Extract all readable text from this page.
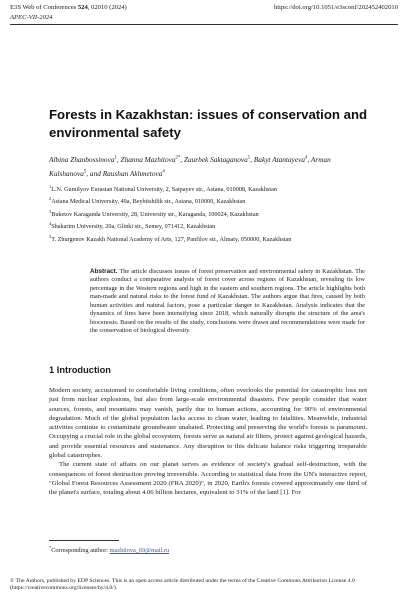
E3S Web of Conferences 524, 02010 (2024)	https://doi.org/10.1051/e3sconf/202452402010
APEC-VII-2024
Forests in Kazakhstan: issues of conservation and environmental safety
Albina Zhanbossinova$^1$, Zhanna Mazhitova$^{2*}$, Zaurbek Saktaganova$^1$, Bakyt Atantayeva$^4$, Arman Kulshanova$^5$, and Raushan Akhmetova$^4$
$^1$L.N. Gumilyov Eurasian National University, 2, Satpayev str., Astana, 010008, Kazakhstan
$^2$Astana Medical University, 49a, Beybitshilik str., Astana, 010000, Kazakhstan
$^3$Buketov Karaganda University, 28, University str., Karaganda, 100024, Kazakhstan
$^4$Shakarim University, 20a, Glinki str., Semey, 071412, Kazakhstan
$^5$T. Zhurgenov Kazakh National Academy of Arts, 127, Panfilov str., Almaty, 050000, Kazakhstan
Abstract. The article discusses issues of forest preservation and environmental safety in Kazakhstan. The authors conduct a comparative analysis of forest cover across regions of Kazakhstan, revealing its low percentage in the Western regions and high in the eastern and southern regions. The article highlights both man-made and natural risks to the forest fund of Kazakhstan. The authors argue that fires, caused by both human activities and natural factors, pose a particular danger to Kazakhstan. Analysis indicates that the dynamics of fires have been intensifying since 2018, which naturally disrupts the structure of the area's biocenosis. Based on the results of the study, conclusions were drawn and recommendations were made for the conservation of biological diversity.
1 Introduction

Modern society, accustomed to comfortable living conditions, often overlooks the potential for catastrophic loss not just from nuclear explosions, but also from large-scale environmental disasters. Few people consider that water sources, forests, and mountains may vanish, partly due to human actions, accounting for 90% of environmental degradation. Much of the global population lacks access to clean water, leading to fatalities. Meanwhile, industrial activities continue to contaminate groundwater unabated. Protecting and preserving the world's forests is paramount. Occupying a crucial role in the global ecosystem, forests serve as natural air filters, protect against geological hazards, and provide essential resources and sustenance. Any disruption to this delicate balance risks triggering irreparable global catastrophes.

The current state of affairs on our planet serves as evidence of society's gradual self-destruction, with the consequences of forest destruction proving irreversible. According to statistical data from the UN's interactive report, "Global Forest Resources Assessment 2020 (FRA 2020)", in 2020, Earth's forests covered approximately one third of the planet's surface, totaling about 4.06 billion hectares, equivalent to 31% of the land [1]. For

*Corresponding author: mazhitova_69@mail.ru
© The Authors, published by EDP Sciences. This is an open access article distributed under the terms of the Creative Commons Attribution License 4.0 (https://creativecommons.org/licenses/by/4.0/).
